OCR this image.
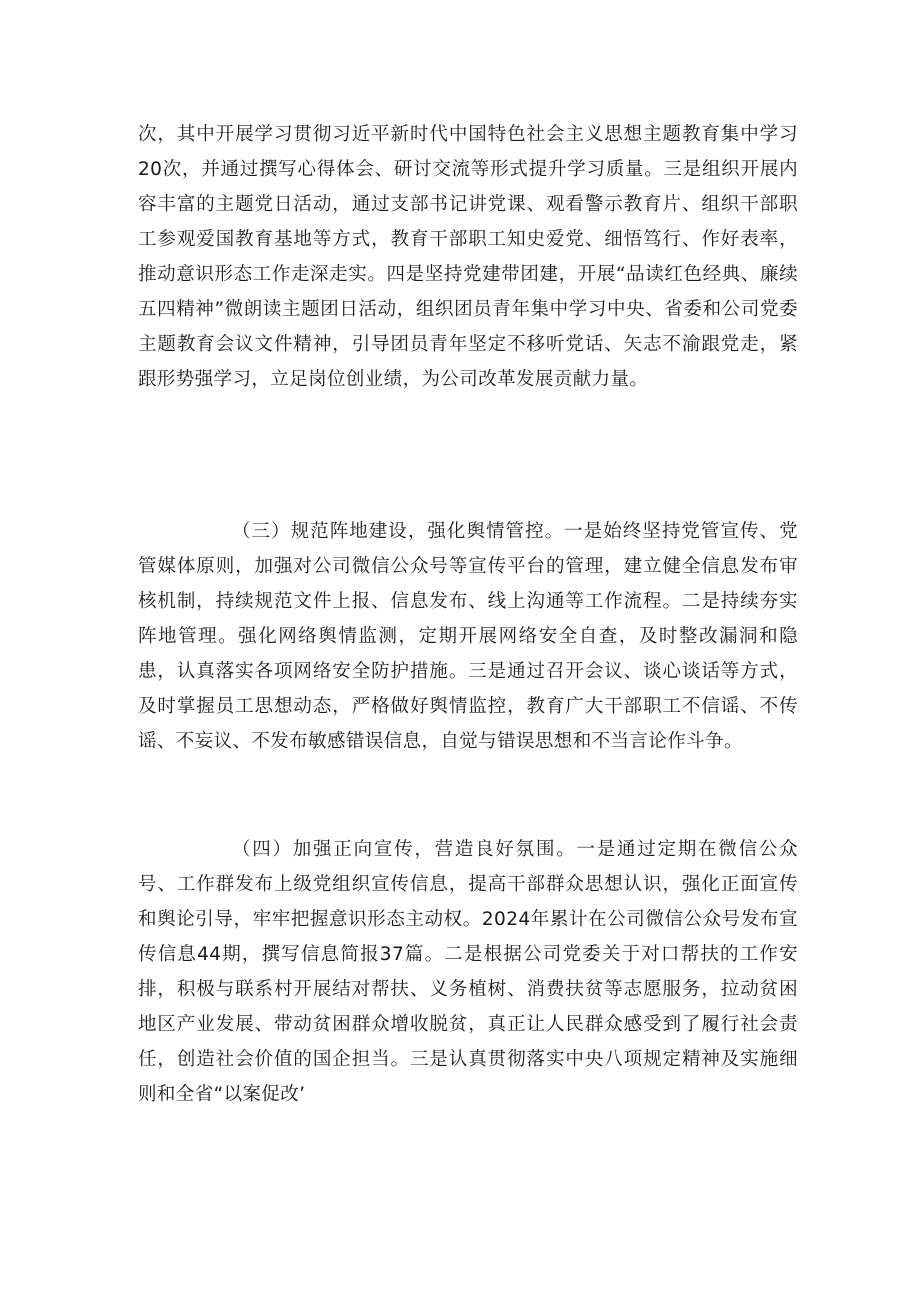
次，其中开展学习贯彻习近平新时代中国特色社会主义思想主题教育集中学习20次，并通过撰写心得体会、研讨交流等形式提升学习质量。三是组织开展内容丰富的主题党日活动，通过支部书记讲党课、观看警示教育片、组织干部职工参观爱国教育基地等方式，教育干部职工知史爱党、细悟笃行、作好表率，推动意识形态工作走深走实。四是坚持党建带团建，开展“品读红色经典、廉续五四精神”微朗读主题团日活动，组织团员青年集中学习中央、省委和公司党委主题教育会议文件精神，引导团员青年坚定不移听党话、矢志不渝跟党走，紧跟形势强学习，立足岗位创业绩，为公司改革发展贡献力量。

（三）规范阵地建设，强化舆情管控。一是始终坚持党管宣传、党管媒体原则，加强对公司微信公众号等宣传平台的管理，建立健全信息发布审核机制，持续规范文件上报、信息发布、线上沟通等工作流程。二是持续夯实阵地管理。强化网络舆情监测，定期开展网络安全自查，及时整改漏洞和隐患，认真落实各项网络安全防护措施。三是通过召开会议、谈心谈话等方式，及时掌握员工思想动态，严格做好舆情监控，教育广大干部职工不信谣、不传谣、不妄议、不发布敏感错误信息，自觉与错误思想和不当言论作斗争。

（四）加强正向宣传，营造良好氛围。一是通过定期在微信公众号、工作群发布上级党组织宣传信息，提高干部群众思想认识，强化正面宣传和舆论引导，牢牢把握意识形态主动权。2024年累计在公司微信公众号发布宣传信息44期，撰写信息简报37篇。二是根据公司党委关于对口帮扶的工作安排，积极与联系村开展结对帮扶、义务植树、消费扶贫等志愿服务，拉动贫困地区产业发展、带动贫困群众增收脱贫，真正让人民群众感受到了履行社会责任，创造社会价值的国企担当。三是认真贯彻落实中央八项规定精神及实施细则和全省“以案促改’
